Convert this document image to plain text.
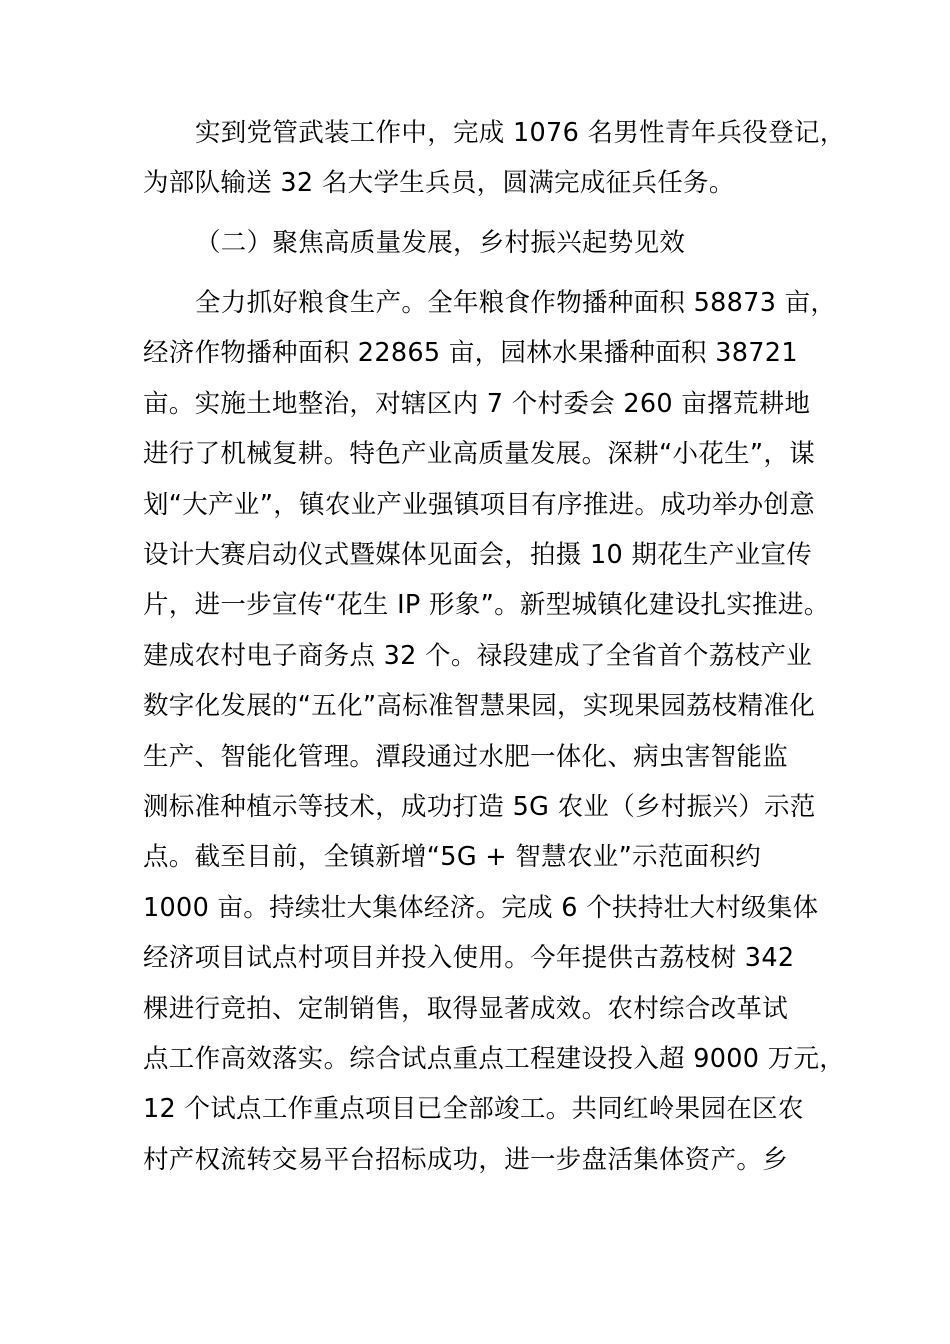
实到党管武装工作中，完成 1076 名男性青年兵役登记，
为部队输送 32 名大学生兵员，圆满完成征兵任务。
（二）聚焦高质量发展，乡村振兴起势见效
全力抓好粮食生产。全年粮食作物播种面积 58873 亩，
经济作物播种面积 22865 亩，园林水果播种面积 38721
亩。实施土地整治，对辖区内 7 个村委会 260 亩撂荒耕地
进行了机械复耕。特色产业高质量发展。深耕“小花生”，谋
划“大产业”，镇农业产业强镇项目有序推进。成功举办创意
设计大赛启动仪式暨媒体见面会，拍摄 10 期花生产业宣传
片，进一步宣传“花生 IP 形象”。新型城镇化建设扎实推进。
建成农村电子商务点 32 个。禄段建成了全省首个荔枝产业
数字化发展的“五化”高标准智慧果园，实现果园荔枝精准化
生产、智能化管理。潭段通过水肥一体化、病虫害智能监
测标准种植示等技术，成功打造 5G 农业（乡村振兴）示范
点。截至目前，全镇新增“5G + 智慧农业”示范面积约
1000 亩。持续壮大集体经济。完成 6 个扶持壮大村级集体
经济项目试点村项目并投入使用。今年提供古荔枝树 342
棵进行竞拍、定制销售，取得显著成效。农村综合改革试
点工作高效落实。综合试点重点工程建设投入超 9000 万元，
12 个试点工作重点项目已全部竣工。共同红岭果园在区农
村产权流转交易平台招标成功，进一步盘活集体资产。乡
